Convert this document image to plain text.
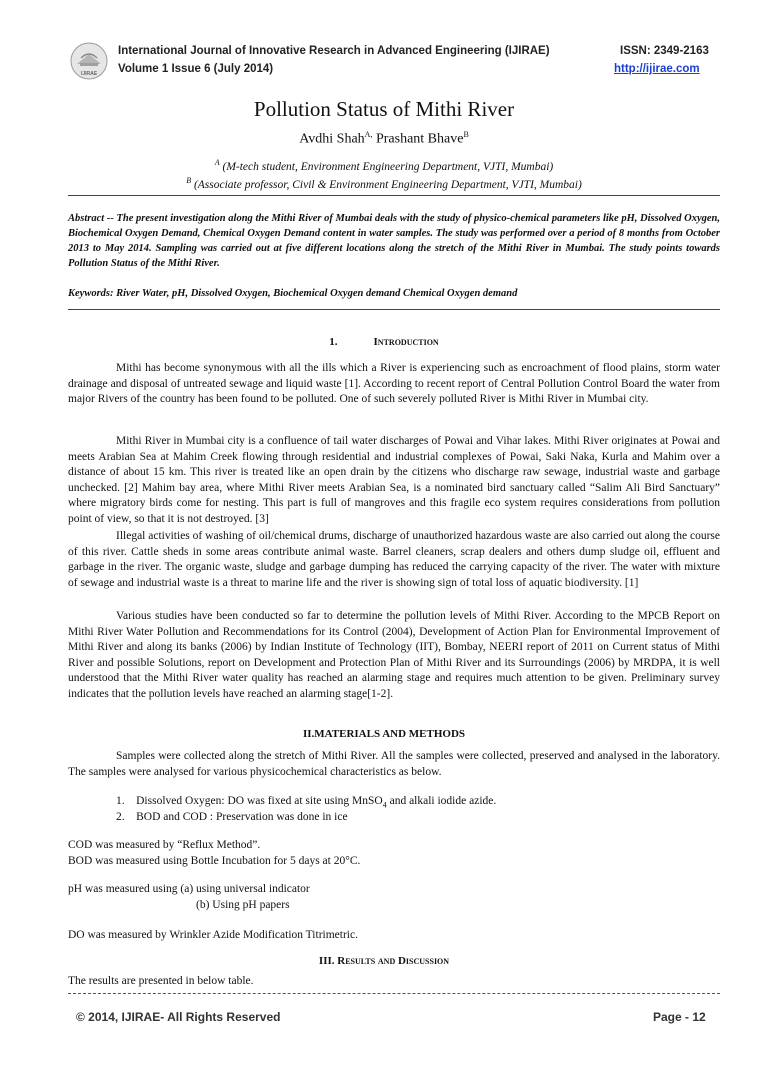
IJIRAE
International Journal of Innovative Research in Advanced Engineering (IJIRAE)	ISSN: 2349-2163
Volume 1 Issue 6 (July 2014)	http://ijirae.com
Pollution Status of Mithi River
Avdhi Shah$^{A,}$ Prashant Bhave$^B$
$^A$ (M-tech student, Environment Engineering Department, VJTI, Mumbai)
$^B$ (Associate professor, Civil & Environment Engineering Department, VJTI, Mumbai)
Abstract -- The present investigation along the Mithi River of Mumbai deals with the study of physico-chemical parameters like pH, Dissolved Oxygen, Biochemical Oxygen Demand, Chemical Oxygen Demand content in water samples. The study was performed over a period of 8 months from October 2013 to May 2014. Sampling was carried out at five different locations along the stretch of the Mithi River in Mumbai. The study points towards Pollution Status of the Mithi River.
Keywords: River Water, pH, Dissolved Oxygen, Biochemical Oxygen demand Chemical Oxygen demand
1.	Introduction
Mithi has become synonymous with all the ills which a River is experiencing such as encroachment of flood plains, storm water drainage and disposal of untreated sewage and liquid waste [1]. According to recent report of Central Pollution Control Board the water from major Rivers of the country has been found to be polluted. One of such severely polluted River is Mithi River in Mumbai city.
Mithi River in Mumbai city is a confluence of tail water discharges of Powai and Vihar lakes. Mithi River originates at Powai and meets Arabian Sea at Mahim Creek flowing through residential and industrial complexes of Powai, Saki Naka, Kurla and Mahim over a distance of about 15 km. This river is treated like an open drain by the citizens who discharge raw sewage, industrial waste and garbage unchecked. [2] Mahim bay area, where Mithi River meets Arabian Sea, is a nominated bird sanctuary called “Salim Ali Bird Sanctuary” where migratory birds come for nesting. This part is full of mangroves and this fragile eco system requires considerations from pollution point of view, so that it is not destroyed. [3]
Illegal activities of washing of oil/chemical drums, discharge of unauthorized hazardous waste are also carried out along the course of this river. Cattle sheds in some areas contribute animal waste. Barrel cleaners, scrap dealers and others dump sludge oil, effluent and garbage in the river. The organic waste, sludge and garbage dumping has reduced the carrying capacity of the river. The water with mixture of sewage and industrial waste is a threat to marine life and the river is showing sign of total loss of aquatic biodiversity. [1]
Various studies have been conducted so far to determine the pollution levels of Mithi River. According to the MPCB Report on Mithi River Water Pollution and Recommendations for its Control (2004), Development of Action Plan for Environmental Improvement of Mithi River and along its banks (2006) by Indian Institute of Technology (IIT), Bombay, NEERI report of 2011 on Current status of Mithi River and possible Solutions, report on Development and Protection Plan of Mithi River and its Surroundings (2006) by MRDPA, it is well understood that the Mithi River water quality has reached an alarming stage and requires much attention to be given. Preliminary survey indicates that the pollution levels have reached an alarming stage[1-2].
II.MATERIALS AND METHODS
Samples were collected along the stretch of Mithi River. All the samples were collected, preserved and analysed in the laboratory. The samples were analysed for various physicochemical characteristics as below.
1. Dissolved Oxygen: DO was fixed at site using MnSO$_4$ and alkali iodide azide.
2. BOD and COD : Preservation was done in ice
COD was measured by “Reflux Method”.
BOD was measured using Bottle Incubation for 5 days at 20°C.
pH was measured using (a) using universal indicator
(b) Using pH papers
DO was measured by Wrinkler Azide Modification Titrimetric.
III. Results and Discussion
The results are presented in below table.
© 2014, IJIRAE- All Rights Reserved	Page - 12
